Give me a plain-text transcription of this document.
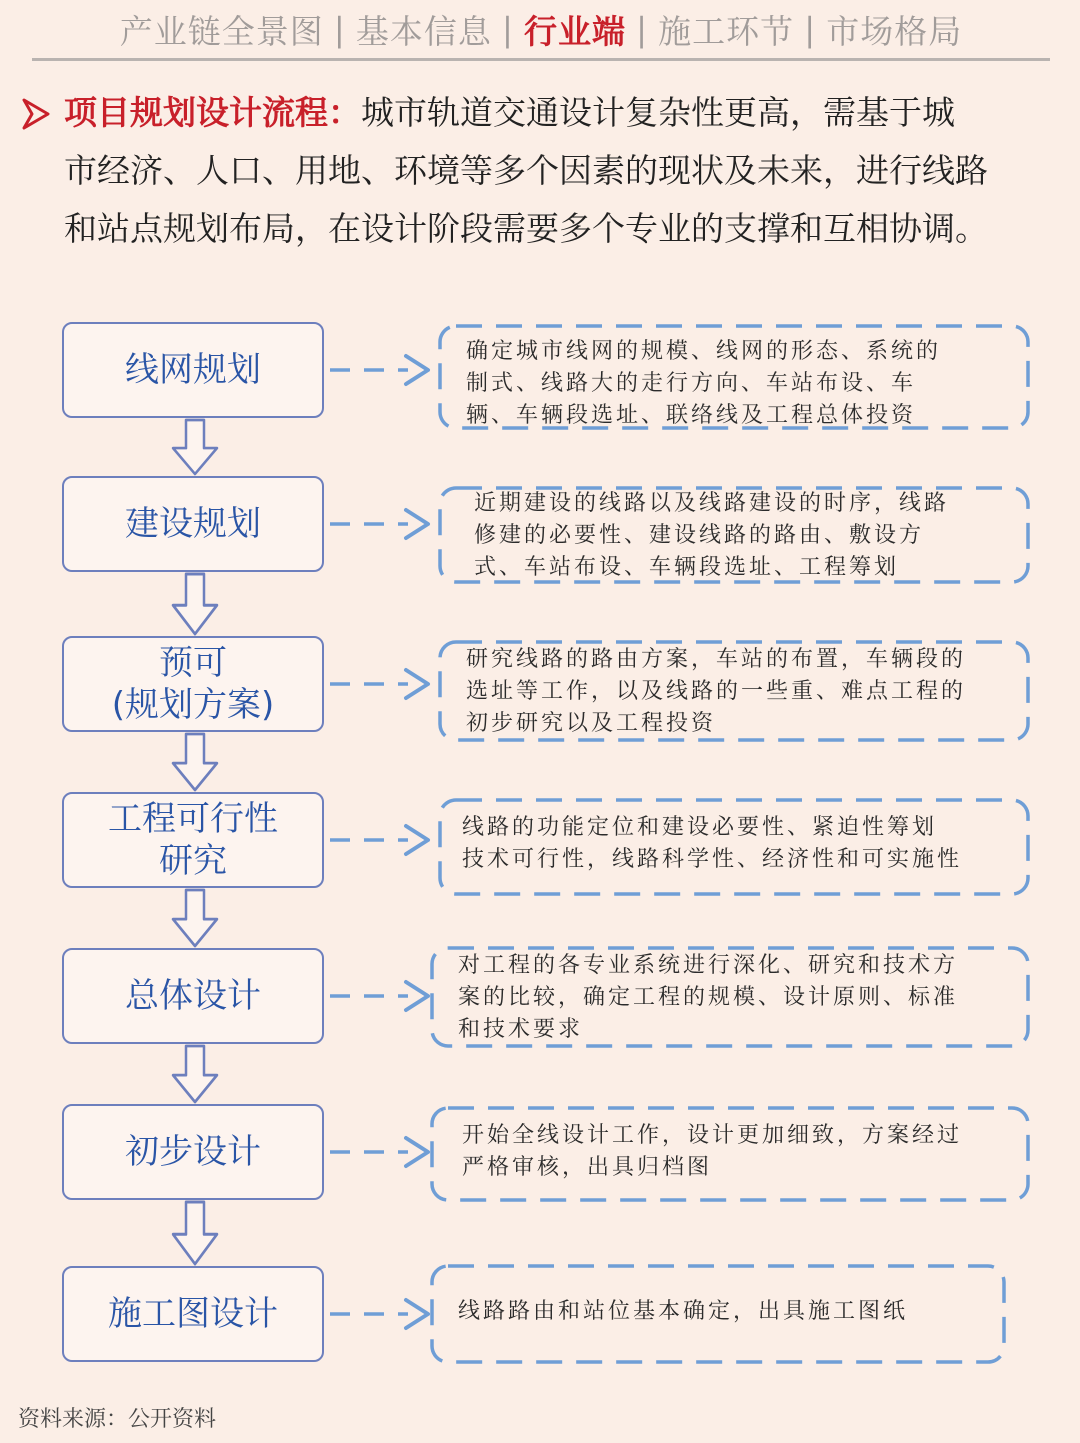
产业链全景图 | 基本信息 | 行业端 | 施工环节 | 市场格局
项目规划设计流程：城市轨道交通设计复杂性更高，需基于城
市经济、人口、用地、环境等多个因素的现状及未来，进行线路
和站点规划布局，在设计阶段需要多个专业的支撑和互相协调。
线网规划
建设规划
预可
(规划方案)
工程可行性
研究
总体设计
初步设计
施工图设计
确定城市线网的规模、线网的形态、系统的
制式、线路大的走行方向、车站布设、车
辆、车辆段选址、联络线及工程总体投资
近期建设的线路以及线路建设的时序，线路
修建的必要性、建设线路的路由、敷设方
式、车站布设、车辆段选址、工程筹划
研究线路的路由方案，车站的布置，车辆段的
选址等工作，以及线路的一些重、难点工程的
初步研究以及工程投资
线路的功能定位和建设必要性、紧迫性筹划
技术可行性，线路科学性、经济性和可实施性
对工程的各专业系统进行深化、研究和技术方
案的比较，确定工程的规模、设计原则、标准
和技术要求
开始全线设计工作，设计更加细致，方案经过
严格审核，出具归档图
线路路由和站位基本确定，出具施工图纸
资料来源：公开资料
